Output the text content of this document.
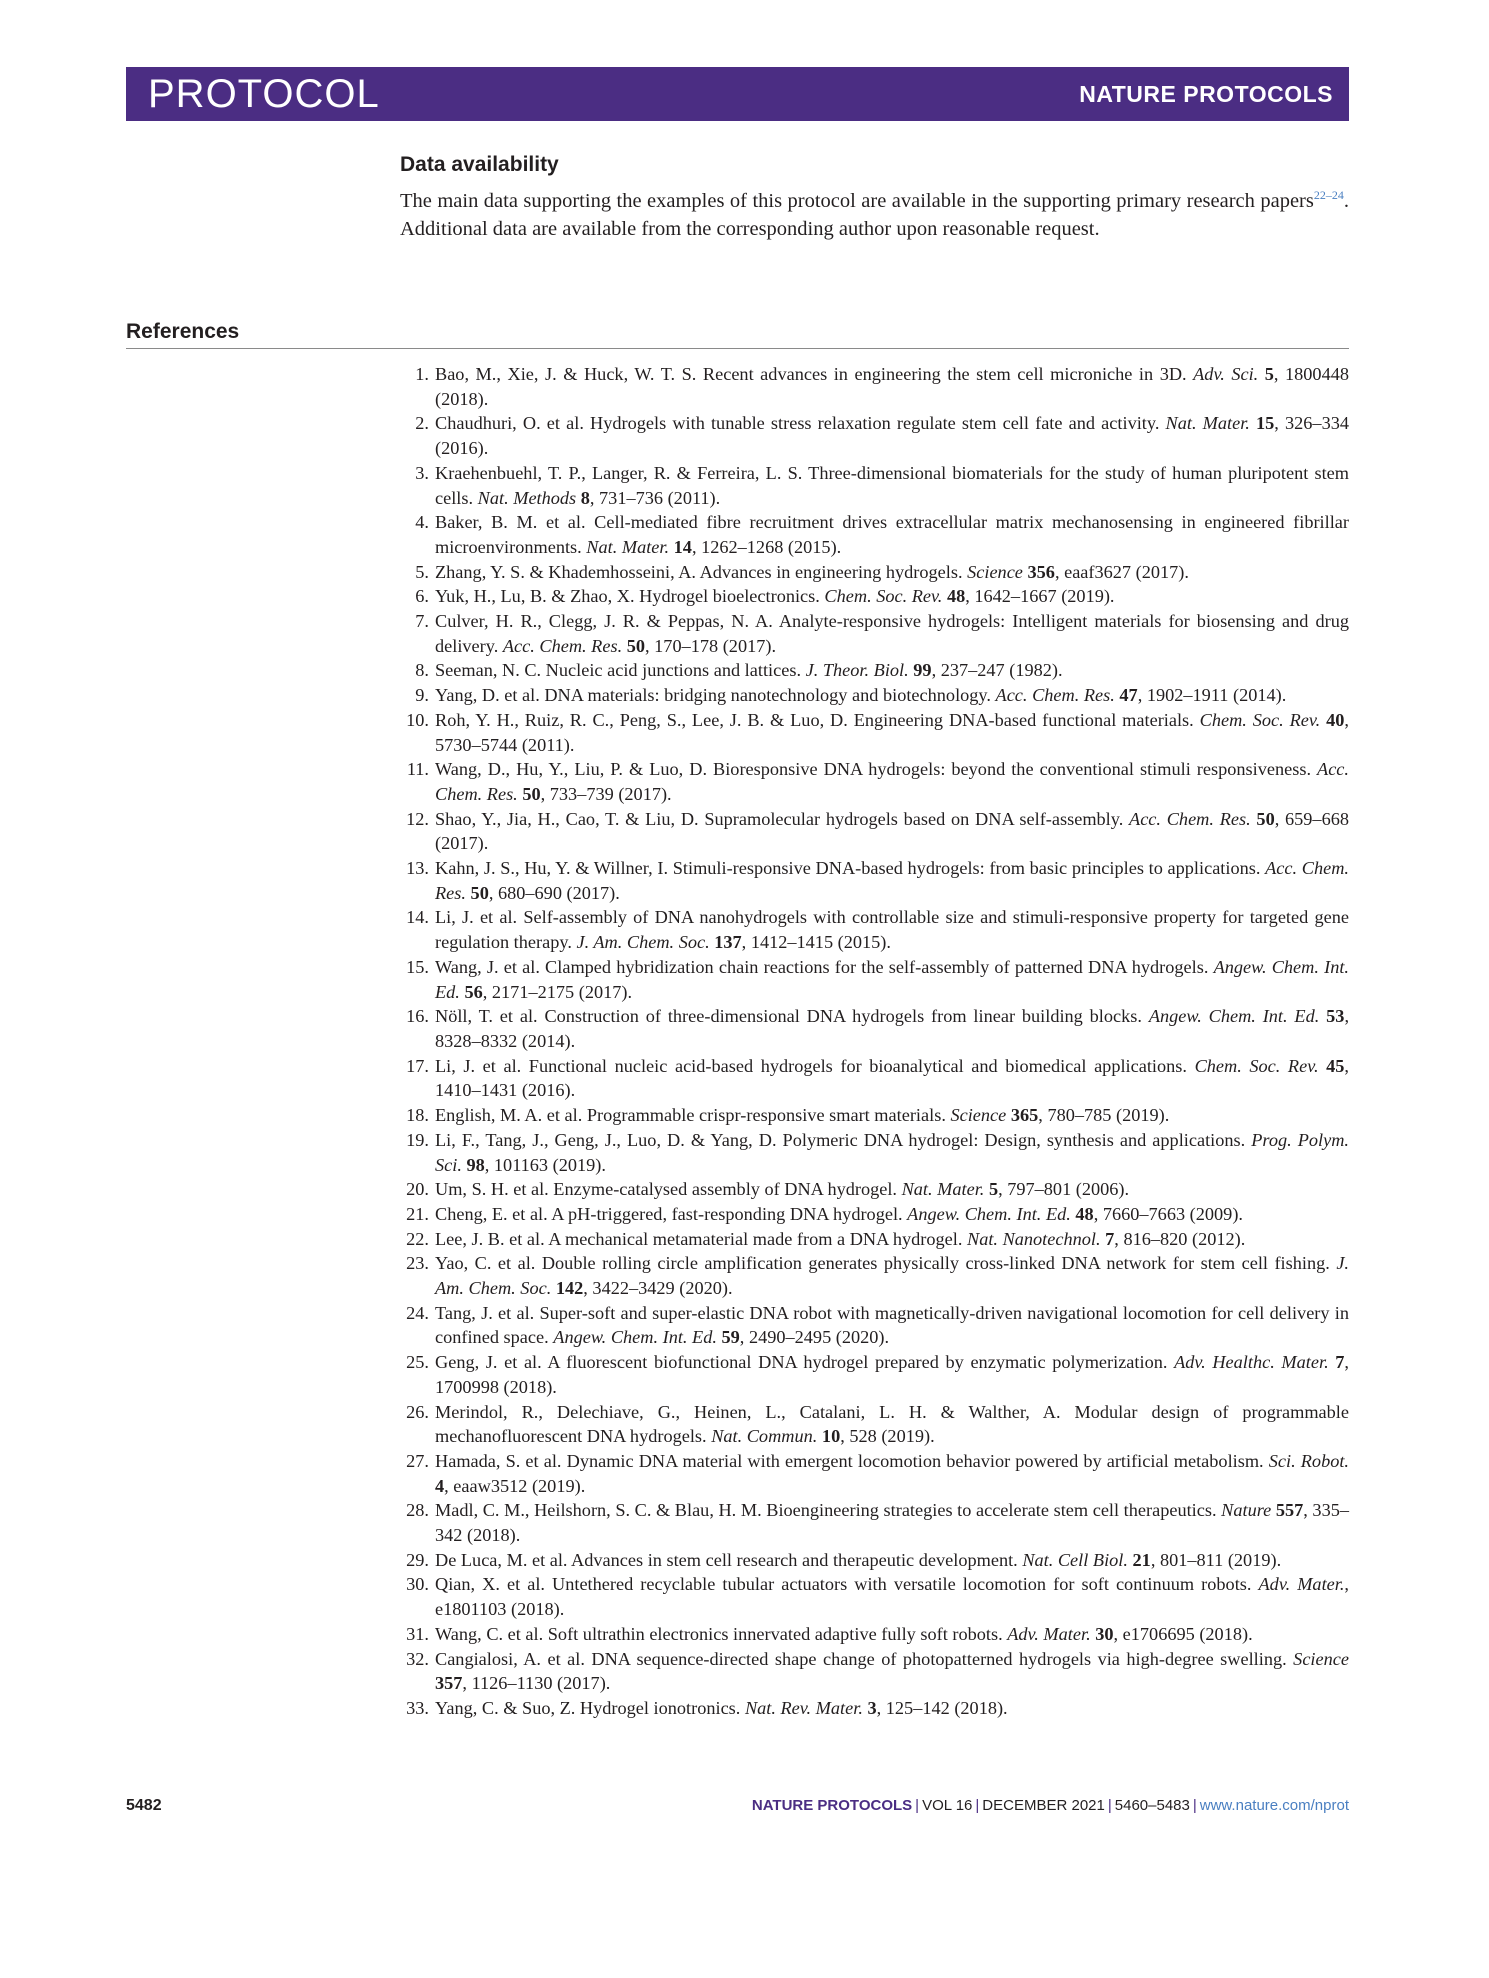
PROTOCOL	NATURE PROTOCOLS
Data availability
The main data supporting the examples of this protocol are available in the supporting primary research papers$^{22-24}$. Additional data are available from the corresponding author upon reasonable request.
References
1. Bao, M., Xie, J. & Huck, W. T. S. Recent advances in engineering the stem cell microniche in 3D. Adv. Sci. 5, 1800448 (2018).
2. Chaudhuri, O. et al. Hydrogels with tunable stress relaxation regulate stem cell fate and activity. Nat. Mater. 15, 326–334 (2016).
3. Kraehenbuehl, T. P., Langer, R. & Ferreira, L. S. Three-dimensional biomaterials for the study of human pluripotent stem cells. Nat. Methods 8, 731–736 (2011).
4. Baker, B. M. et al. Cell-mediated fibre recruitment drives extracellular matrix mechanosensing in engineered fibrillar microenvironments. Nat. Mater. 14, 1262–1268 (2015).
5. Zhang, Y. S. & Khademhosseini, A. Advances in engineering hydrogels. Science 356, eaaf3627 (2017).
6. Yuk, H., Lu, B. & Zhao, X. Hydrogel bioelectronics. Chem. Soc. Rev. 48, 1642–1667 (2019).
7. Culver, H. R., Clegg, J. R. & Peppas, N. A. Analyte-responsive hydrogels: Intelligent materials for biosensing and drug delivery. Acc. Chem. Res. 50, 170–178 (2017).
8. Seeman, N. C. Nucleic acid junctions and lattices. J. Theor. Biol. 99, 237–247 (1982).
9. Yang, D. et al. DNA materials: bridging nanotechnology and biotechnology. Acc. Chem. Res. 47, 1902–1911 (2014).
10. Roh, Y. H., Ruiz, R. C., Peng, S., Lee, J. B. & Luo, D. Engineering DNA-based functional materials. Chem. Soc. Rev. 40, 5730–5744 (2011).
11. Wang, D., Hu, Y., Liu, P. & Luo, D. Bioresponsive DNA hydrogels: beyond the conventional stimuli responsiveness. Acc. Chem. Res. 50, 733–739 (2017).
12. Shao, Y., Jia, H., Cao, T. & Liu, D. Supramolecular hydrogels based on DNA self-assembly. Acc. Chem. Res. 50, 659–668 (2017).
13. Kahn, J. S., Hu, Y. & Willner, I. Stimuli-responsive DNA-based hydrogels: from basic principles to applications. Acc. Chem. Res. 50, 680–690 (2017).
14. Li, J. et al. Self-assembly of DNA nanohydrogels with controllable size and stimuli-responsive property for targeted gene regulation therapy. J. Am. Chem. Soc. 137, 1412–1415 (2015).
15. Wang, J. et al. Clamped hybridization chain reactions for the self-assembly of patterned DNA hydrogels. Angew. Chem. Int. Ed. 56, 2171–2175 (2017).
16. Nöll, T. et al. Construction of three-dimensional DNA hydrogels from linear building blocks. Angew. Chem. Int. Ed. 53, 8328–8332 (2014).
17. Li, J. et al. Functional nucleic acid-based hydrogels for bioanalytical and biomedical applications. Chem. Soc. Rev. 45, 1410–1431 (2016).
18. English, M. A. et al. Programmable crispr-responsive smart materials. Science 365, 780–785 (2019).
19. Li, F., Tang, J., Geng, J., Luo, D. & Yang, D. Polymeric DNA hydrogel: Design, synthesis and applications. Prog. Polym. Sci. 98, 101163 (2019).
20. Um, S. H. et al. Enzyme-catalysed assembly of DNA hydrogel. Nat. Mater. 5, 797–801 (2006).
21. Cheng, E. et al. A pH-triggered, fast-responding DNA hydrogel. Angew. Chem. Int. Ed. 48, 7660–7663 (2009).
22. Lee, J. B. et al. A mechanical metamaterial made from a DNA hydrogel. Nat. Nanotechnol. 7, 816–820 (2012).
23. Yao, C. et al. Double rolling circle amplification generates physically cross-linked DNA network for stem cell fishing. J. Am. Chem. Soc. 142, 3422–3429 (2020).
24. Tang, J. et al. Super-soft and super-elastic DNA robot with magnetically-driven navigational locomotion for cell delivery in confined space. Angew. Chem. Int. Ed. 59, 2490–2495 (2020).
25. Geng, J. et al. A fluorescent biofunctional DNA hydrogel prepared by enzymatic polymerization. Adv. Healthc. Mater. 7, 1700998 (2018).
26. Merindol, R., Delechiave, G., Heinen, L., Catalani, L. H. & Walther, A. Modular design of programmable mechanofluorescent DNA hydrogels. Nat. Commun. 10, 528 (2019).
27. Hamada, S. et al. Dynamic DNA material with emergent locomotion behavior powered by artificial metabolism. Sci. Robot. 4, eaaw3512 (2019).
28. Madl, C. M., Heilshorn, S. C. & Blau, H. M. Bioengineering strategies to accelerate stem cell therapeutics. Nature 557, 335–342 (2018).
29. De Luca, M. et al. Advances in stem cell research and therapeutic development. Nat. Cell Biol. 21, 801–811 (2019).
30. Qian, X. et al. Untethered recyclable tubular actuators with versatile locomotion for soft continuum robots. Adv. Mater., e1801103 (2018).
31. Wang, C. et al. Soft ultrathin electronics innervated adaptive fully soft robots. Adv. Mater. 30, e1706695 (2018).
32. Cangialosi, A. et al. DNA sequence-directed shape change of photopatterned hydrogels via high-degree swelling. Science 357, 1126–1130 (2017).
33. Yang, C. & Suo, Z. Hydrogel ionotronics. Nat. Rev. Mater. 3, 125–142 (2018).
5482	NATURE PROTOCOLS | VOL 16 | DECEMBER 2021 | 5460–5483 | www.nature.com/nprot
